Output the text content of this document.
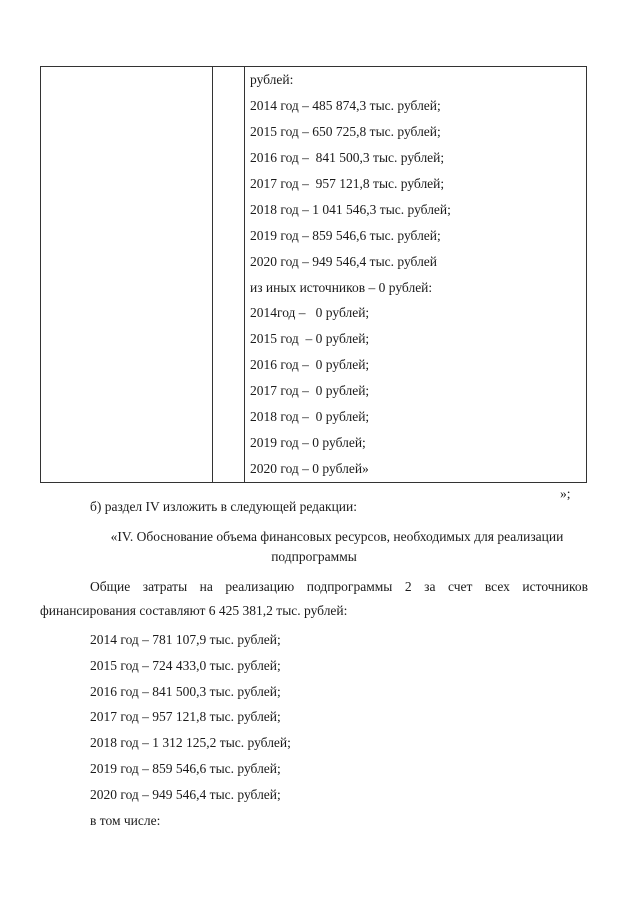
рублей:
2014 год – 485 874,3 тыс. рублей;
2015 год – 650 725,8 тыс. рублей;
2016 год –  841 500,3 тыс. рублей;
2017 год –  957 121,8 тыс. рублей;
2018 год – 1 041 546,3 тыс. рублей;
2019 год – 859 546,6 тыс. рублей;
2020 год – 949 546,4 тыс. рублей
из иных источников – 0 рублей:
2014год –   0 рублей;
2015 год  – 0 рублей;
2016 год –  0 рублей;
2017 год –  0 рублей;
2018 год –  0 рублей;
2019 год – 0 рублей;
2020 год – 0 рублей»
»;
б) раздел IV изложить в следующей редакции:
«IV. Обоснование объема финансовых ресурсов, необходимых для реализации
подпрограммы
Общие затраты на реализацию подпрограммы 2 за счет всех источников финансирования составляют 6 425 381,2 тыс. рублей:
2014 год – 781 107,9 тыс. рублей;
2015 год – 724 433,0 тыс. рублей;
2016 год – 841 500,3 тыс. рублей;
2017 год – 957 121,8 тыс. рублей;
2018 год – 1 312 125,2 тыс. рублей;
2019 год – 859 546,6 тыс. рублей;
2020 год – 949 546,4 тыс. рублей;
в том числе:
